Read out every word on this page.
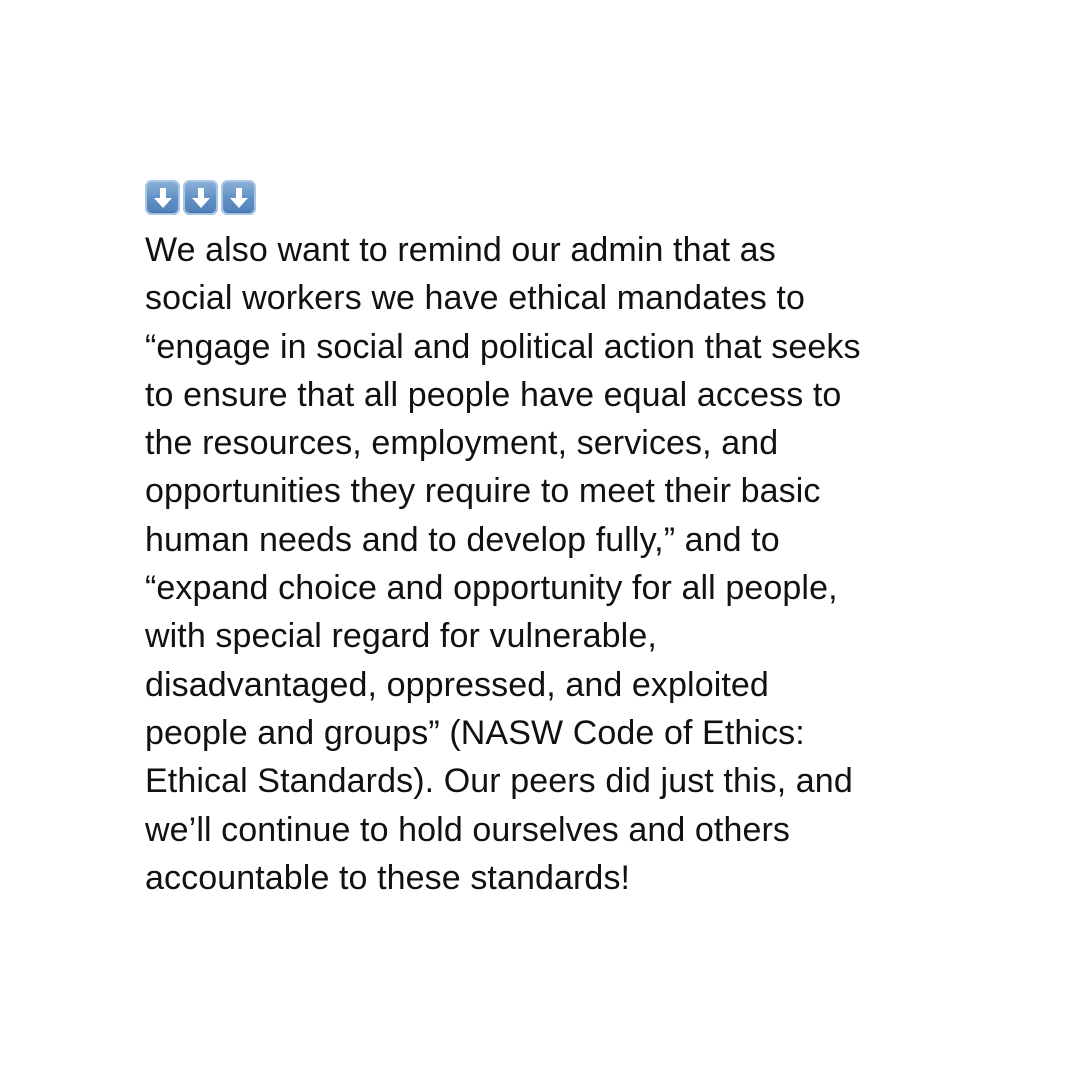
We also want to remind our admin that as
social workers we have ethical mandates to
“engage in social and political action that seeks
to ensure that all people have equal access to
the resources, employment, services, and
opportunities they require to meet their basic
human needs and to develop fully,” and to
“expand choice and opportunity for all people,
with special regard for vulnerable,
disadvantaged, oppressed, and exploited
people and groups” (NASW Code of Ethics:
Ethical Standards). Our peers did just this, and
we’ll continue to hold ourselves and others
accountable to these standards!
